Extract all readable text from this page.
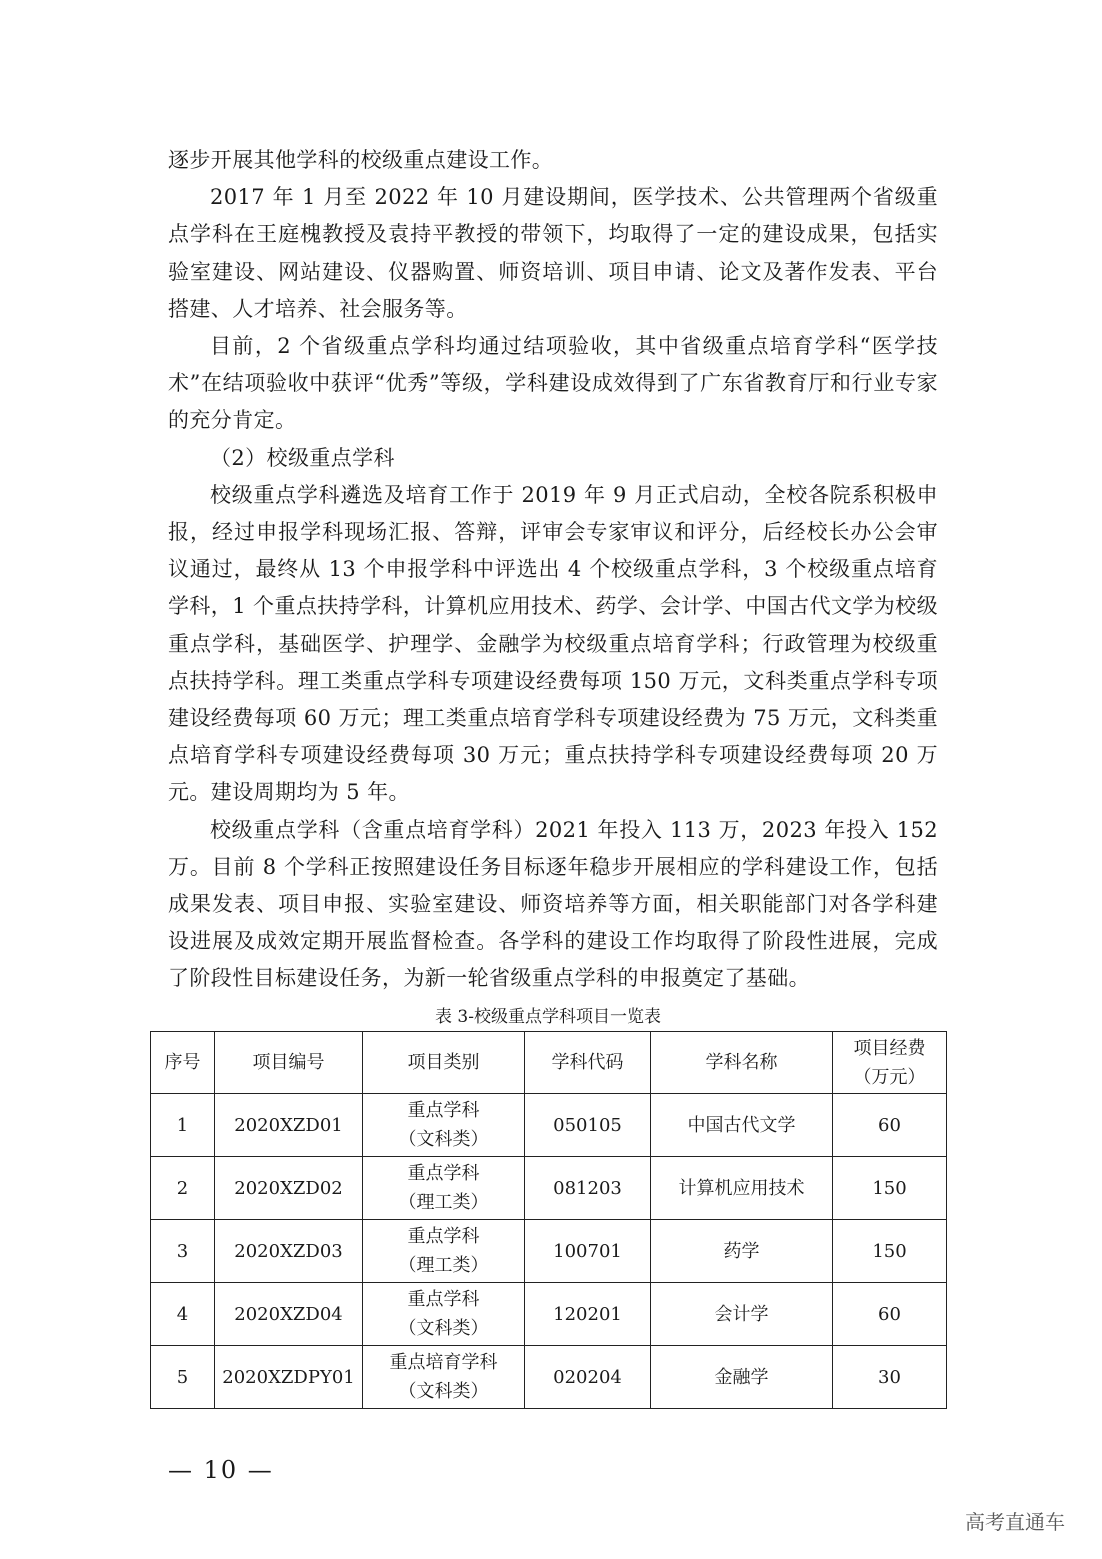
逐步开展其他学科的校级重点建设工作。

2017 年 1 月至 2022 年 10 月建设期间，医学技术、公共管理两个省级重点学科在王庭槐教授及袁持平教授的带领下，均取得了一定的建设成果，包括实验室建设、网站建设、仪器购置、师资培训、项目申请、论文及著作发表、平台搭建、人才培养、社会服务等。

目前，2 个省级重点学科均通过结项验收，其中省级重点培育学科“医学技术”在结项验收中获评“优秀”等级，学科建设成效得到了广东省教育厅和行业专家的充分肯定。

（2）校级重点学科

校级重点学科遴选及培育工作于 2019 年 9 月正式启动，全校各院系积极申报，经过申报学科现场汇报、答辩，评审会专家审议和评分，后经校长办公会审议通过，最终从 13 个申报学科中评选出 4 个校级重点学科，3 个校级重点培育学科，1 个重点扶持学科，计算机应用技术、药学、会计学、中国古代文学为校级重点学科，基础医学、护理学、金融学为校级重点培育学科；行政管理为校级重点扶持学科。理工类重点学科专项建设经费每项 150 万元，文科类重点学科专项建设经费每项 60 万元；理工类重点培育学科专项建设经费为 75 万元，文科类重点培育学科专项建设经费每项 30 万元；重点扶持学科专项建设经费每项 20 万元。建设周期均为 5 年。

校级重点学科（含重点培育学科）2021 年投入 113 万，2023 年投入 152 万。目前 8 个学科正按照建设任务目标逐年稳步开展相应的学科建设工作，包括成果发表、项目申报、实验室建设、师资培养等方面，相关职能部门对各学科建设进展及成效定期开展监督检查。各学科的建设工作均取得了阶段性进展，完成了阶段性目标建设任务，为新一轮省级重点学科的申报奠定了基础。

表 3-校级重点学科项目一览表
序号	项目编号	项目类别	学科代码	学科名称	项目经费
（万元）

1	2020XZD01	重点学科
（文科类）	050105	中国古代文学	60
2	2020XZD02	重点学科
（理工类）	081203	计算机应用技术	150
3	2020XZD03	重点学科
（理工类）	100701	药学	150
4	2020XZD04	重点学科
（文科类）	120201	会计学	60
5	2020XZDPY01	重点培育学科
（文科类）	020204	金融学	30
— 10 —
高考直通车
